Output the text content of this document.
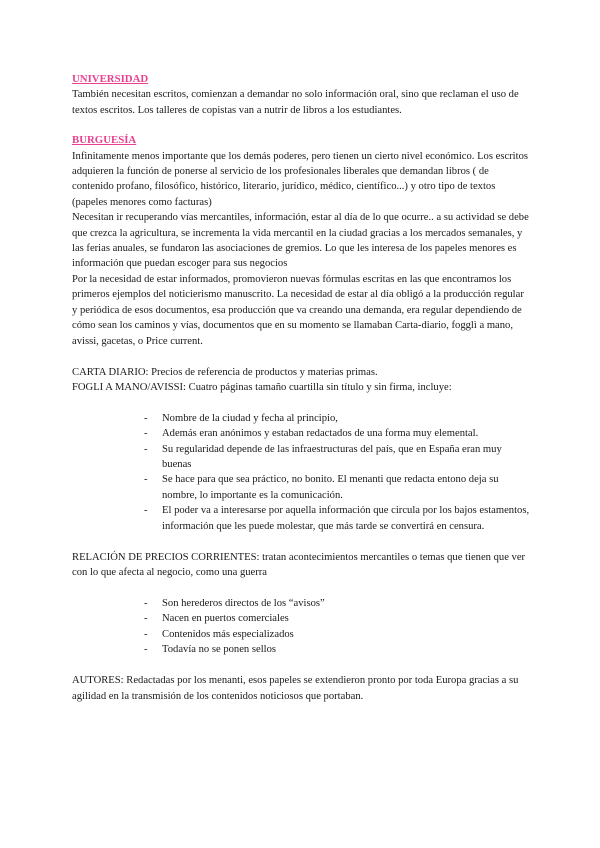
UNIVERSIDAD

También necesitan escritos, comienzan a demandar no solo información oral, sino que reclaman el uso de textos escritos. Los talleres de copistas van a nutrir de libros a los estudiantes.

BURGUESÍA

Infinitamente menos importante que los demás poderes, pero tienen un cierto nivel económico. Los escritos adquieren la función de ponerse al servicio de los profesionales liberales que demandan libros ( de contenido profano, filosófico, histórico, literario, jurídico, médico, científico...) y otro tipo de textos (papeles menores como facturas)

Necesitan ir recuperando vías mercantiles, información, estar al día de lo que ocurre.. a su actividad se debe que crezca la agricultura, se incrementa la vida mercantil en la ciudad gracias a los mercados semanales, y las ferias anuales, se fundaron las asociaciones de gremios. Lo que les interesa de los papeles menores es información que puedan escoger para sus negocios

Por la necesidad de estar informados, promovieron nuevas fórmulas escritas en las que encontramos los primeros ejemplos del noticierismo manuscrito. La necesidad de estar al día obligó a la producción regular y periódica de esos documentos, esa producción que va creando una demanda, era regular dependiendo de cómo sean los caminos y vías, documentos que en su momento se llamaban Carta-diario, fogglì a mano, avissi, gacetas, o Price current.

CARTA DIARIO: Precios de referencia de productos y materias primas.

FOGLI A MANO/AVISSI: Cuatro páginas tamaño cuartilla sin título y sin firma, incluye:

- Nombre de la ciudad y fecha al principio,
- Además eran anónimos y estaban redactados de una forma muy elemental.
- Su regularidad depende de las infraestructuras del país, que en España eran muy buenas
- Se hace para que sea práctico, no bonito. El menanti que redacta entono deja su nombre, lo importante es la comunicación.
- El poder va a interesarse por aquella información que circula por los bajos estamentos, información que les puede molestar, que más tarde se convertirá en censura.

RELACIÓN DE PRECIOS CORRIENTES: tratan acontecimientos mercantiles o temas que tienen que ver con lo que afecta al negocio, como una guerra

- Son herederos directos de los “avisos”
- Nacen en puertos comerciales
- Contenidos más especializados
- Todavía no se ponen sellos

AUTORES: Redactadas por los menanti, esos papeles se extendieron pronto por toda Europa gracias a su agilidad en la transmisión de los contenidos noticiosos que portaban.
